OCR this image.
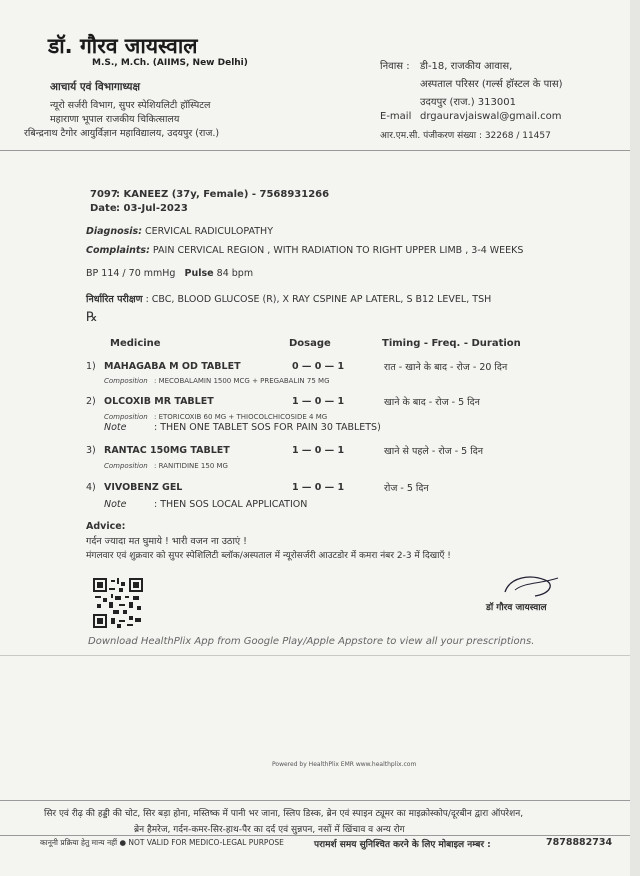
डॉ. गौरव जायस्वाल
M.S., M.Ch. (AIIMS, New Delhi)
आचार्य एवं विभागाध्यक्ष
न्यूरो सर्जरी विभाग, सुपर स्पेशियलिटी हॉस्पिटल
महाराणा भूपाल राजकीय चिकित्सालय
रबिन्द्रनाथ टैगोर आयुर्विज्ञान महाविद्यालय, उदयपुर (राज.)
निवास : डी-18, राजकीय आवास,
अस्पताल परिसर (गर्ल्स हॉस्टल के पास)
उदयपुर (राज.) 313001
E-mail drgauravjaiswal@gmail.com
आर.एम.सी. पंजीकरण संख्या : 32268 / 11457
7097
: KANEEZ (37y, Female) - 7568931266
Date : 03-Jul-2023
Diagnosis: CERVICAL RADICULOPATHY
Complaints: PAIN CERVICAL REGION , WITH RADIATION TO RIGHT UPPER LIMB , 3-4 WEEKS
BP 114 / 70 mmHg Pulse 84 bpm
निर्धारित परीक्षण : CBC, BLOOD GLUCOSE (R), X RAY CSPINE AP LATERL, S B12 LEVEL, TSH
℞
Medicine	Dosage	Timing - Freq. - Duration
1) MAHAGABA M OD TABLET	0 — 0 — 1	रात - खाने के बाद - रोज - 20 दिन
Composition : MECOBALAMIN 1500 MCG + PREGABALIN 75 MG
2) OLCOXIB MR TABLET	1 — 0 — 1	खाने के बाद - रोज - 5 दिन
Composition : ETORICOXIB 60 MG + THIOCOLCHICOSIDE 4 MG
Note	: THEN ONE TABLET SOS FOR PAIN 30 TABLETS)
3) RANTAC 150MG TABLET	1 — 0 — 1	खाने से पहले - रोज - 5 दिन
Composition : RANITIDINE 150 MG
4) VIVOBENZ GEL	1 — 0 — 1	रोज - 5 दिन
Note	: THEN SOS LOCAL APPLICATION
Advice:
गर्दन ज्यादा मत घुमाये ! भारी वजन ना उठाएं !
मंगलवार एवं शुक्रवार को सुपर स्पेशिलिटी ब्लॉक/अस्पताल में न्यूरोसर्जरी आउटडोर में कमरा नंबर 2-3 में दिखाएँ !
डॉ गौरव जायस्वाल
Download HealthPlix App from Google Play/Apple Appstore to view all your prescriptions.
Powered by HealthPlix EMR www.healthplix.com
सिर एवं रीढ़ की हड्डी की चोट, सिर बड़ा होना, मस्तिष्क में पानी भर जाना, स्लिप डिस्क, ब्रेन एवं स्पाइन ट्यूमर का माइक्रोस्कोप/दूरबीन द्वारा ऑपरेशन,
ब्रेन हैमरेज, गर्दन-कमर-सिर-हाथ-पैर का दर्द एवं सुन्नपन, नसों में खिंचाव व अन्य रोग
कानूनी प्रक्रिया हेतु मान्य नहीं ● NOT VALID FOR MEDICO-LEGAL PURPOSE	परामर्श समय सुनिश्चित करने के लिए मोबाइल नम्बर :	7878882734
